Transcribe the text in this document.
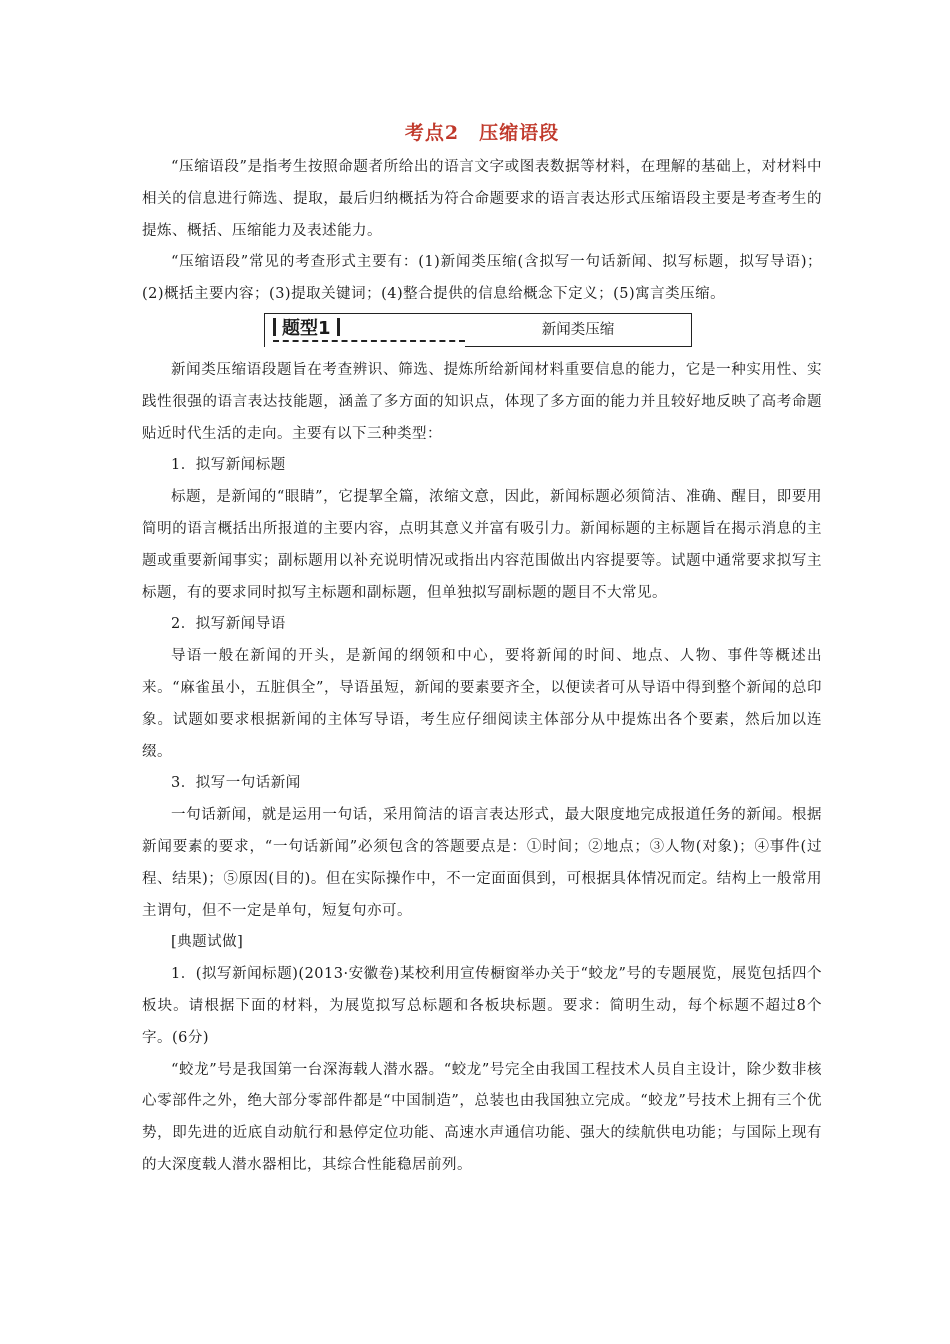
考点2　压缩语段

“压缩语段”是指考生按照命题者所给出的语言文字或图表数据等材料，在理解的基础上，对材料中相关的信息进行筛选、提取，最后归纳概括为符合命题要求的语言表达形式压缩语段主要是考查考生的提炼、概括、压缩能力及表述能力。

“压缩语段”常见的考查形式主要有：(1)新闻类压缩(含拟写一句话新闻、拟写标题，拟写导语)；(2)概括主要内容；(3)提取关键词；(4)整合提供的信息给概念下定义；(5)寓言类压缩。

题型1	新闻类压缩

新闻类压缩语段题旨在考查辨识、筛选、提炼所给新闻材料重要信息的能力，它是一种实用性、实践性很强的语言表达技能题，涵盖了多方面的知识点，体现了多方面的能力并且较好地反映了高考命题贴近时代生活的走向。主要有以下三种类型：

1．拟写新闻标题

标题，是新闻的“眼睛”，它提挈全篇，浓缩文意，因此，新闻标题必须简洁、准确、醒目，即要用简明的语言概括出所报道的主要内容，点明其意义并富有吸引力。新闻标题的主标题旨在揭示消息的主题或重要新闻事实；副标题用以补充说明情况或指出内容范围做出内容提要等。试题中通常要求拟写主标题，有的要求同时拟写主标题和副标题，但单独拟写副标题的题目不大常见。

2．拟写新闻导语

导语一般在新闻的开头，是新闻的纲领和中心，要将新闻的时间、地点、人物、事件等概述出来。“麻雀虽小，五脏俱全”，导语虽短，新闻的要素要齐全，以便读者可从导语中得到整个新闻的总印象。试题如要求根据新闻的主体写导语，考生应仔细阅读主体部分从中提炼出各个要素，然后加以连缀。

3．拟写一句话新闻

一句话新闻，就是运用一句话，采用简洁的语言表达形式，最大限度地完成报道任务的新闻。根据新闻要素的要求，“一句话新闻”必须包含的答题要点是：①时间；②地点；③人物(对象)；④事件(过程、结果)；⑤原因(目的)。但在实际操作中，不一定面面俱到，可根据具体情况而定。结构上一般常用主谓句，但不一定是单句，短复句亦可。

[典题试做]

1．(拟写新闻标题)(2013·安徽卷)某校利用宣传橱窗举办关于“蛟龙”号的专题展览，展览包括四个板块。请根据下面的材料，为展览拟写总标题和各板块标题。要求：简明生动，每个标题不超过8个字。(6分)

“蛟龙”号是我国第一台深海载人潜水器。“蛟龙”号完全由我国工程技术人员自主设计，除少数非核心零部件之外，绝大部分零部件都是“中国制造”，总装也由我国独立完成。“蛟龙”号技术上拥有三个优势，即先进的近底自动航行和悬停定位功能、高速水声通信功能、强大的续航供电功能；与国际上现有的大深度载人潜水器相比，其综合性能稳居前列。
